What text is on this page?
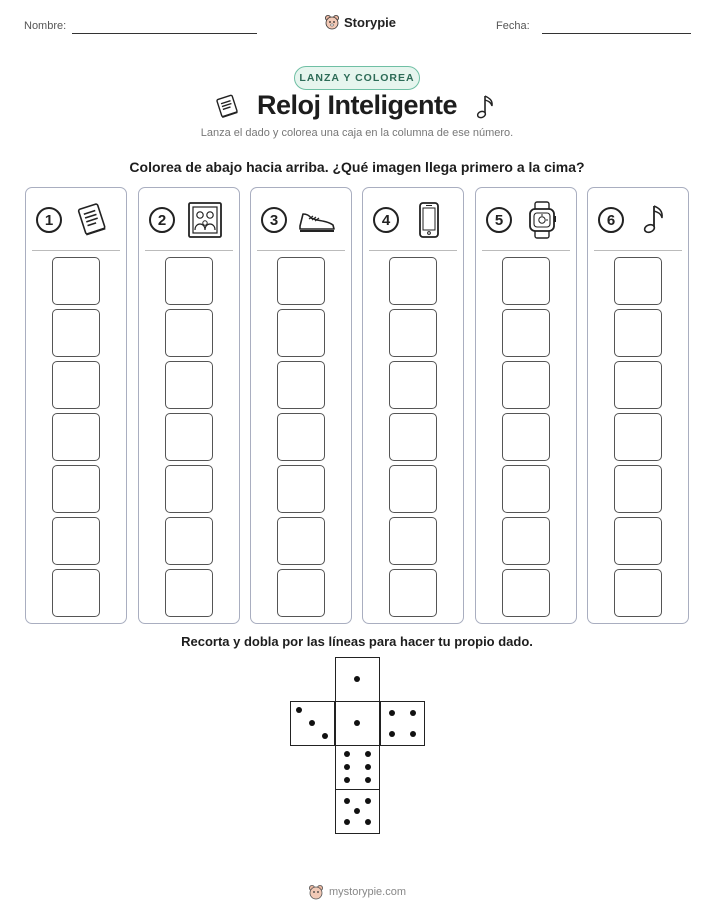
Nombre:	Storypie	Fecha:
LANZA Y COLOREA
Reloj Inteligente
Lanza el dado y colorea una caja en la columna de ese número.
Colorea de abajo hacia arriba. ¿Qué imagen llega primero a la cima?
1	2	3	4	5	6
Recorta y dobla por las líneas para hacer tu propio dado.
mystorypie.com
